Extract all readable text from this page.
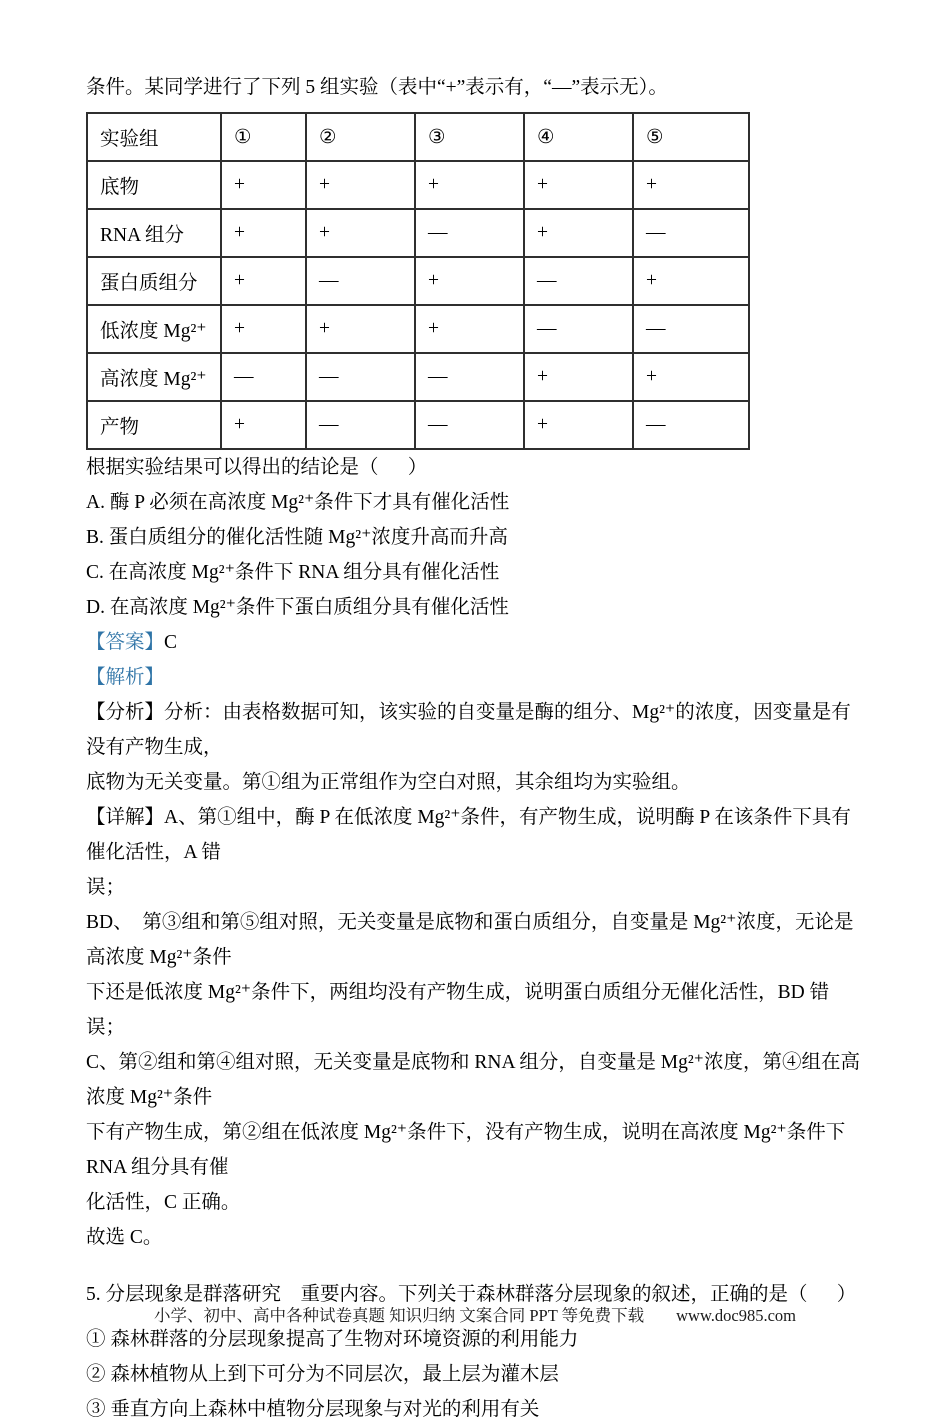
条件。某同学进行了下列 5 组实验（表中“+”表示有，“—”表示无）。
实验组	①	②	③	④	⑤
底物	+	+	+	+	+
RNA 组分	+	+	—	+	—
蛋白质组分	+	—	+	—	+
低浓度 Mg²⁺	+	+	+	—	—
高浓度 Mg²⁺	—	—	—	+	+
产物	+	—	—	+	—
根据实验结果可以得出的结论是（      ）
A. 酶 P 必须在高浓度 Mg²⁺条件下才具有催化活性
B. 蛋白质组分的催化活性随 Mg²⁺浓度升高而升高
C. 在高浓度 Mg²⁺条件下 RNA 组分具有催化活性
D. 在高浓度 Mg²⁺条件下蛋白质组分具有催化活性
【答案】C
【解析】
【分析】分析：由表格数据可知，该实验的自变量是酶的组分、Mg²⁺的浓度，因变量是有没有产物生成，
底物为无关变量。第①组为正常组作为空白对照，其余组均为实验组。
【详解】A、第①组中，酶 P 在低浓度 Mg²⁺条件，有产物生成，说明酶 P 在该条件下具有催化活性，A 错
误；
BD、  第③组和第⑤组对照，无关变量是底物和蛋白质组分，自变量是 Mg²⁺浓度，无论是高浓度 Mg²⁺条件
下还是低浓度 Mg²⁺条件下，两组均没有产物生成，说明蛋白质组分无催化活性，BD 错误；
C、第②组和第④组对照，无关变量是底物和 RNA 组分，自变量是 Mg²⁺浓度，第④组在高浓度 Mg²⁺条件
下有产物生成，第②组在低浓度 Mg²⁺条件下，没有产物生成，说明在高浓度 Mg²⁺条件下 RNA 组分具有催
化活性，C 正确。
故选 C。
5. 分层现象是群落研究　重要内容。下列关于森林群落分层现象的叙述，正确的是（      ）
① 森林群落的分层现象提高了生物对环境资源的利用能力
② 森林植物从上到下可分为不同层次，最上层为灌木层
③ 垂直方向上森林中植物分层现象与对光的利用有关
小学、初中、高中各种试卷真题 知识归纳 文案合同 PPT 等免费下载 www.doc985.com
